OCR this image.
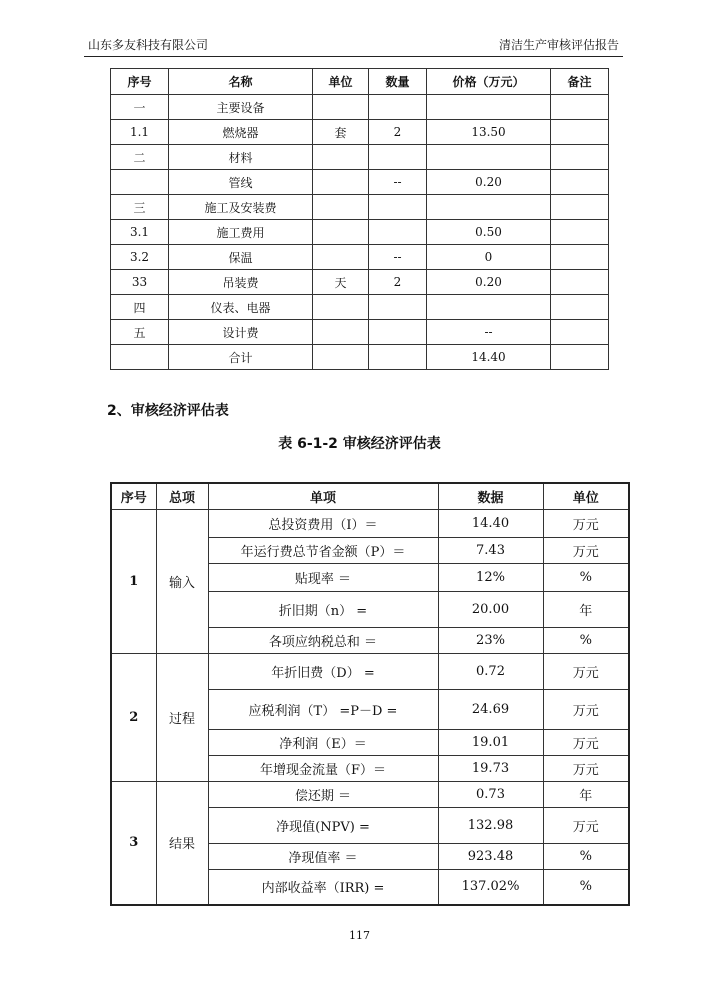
山东多友科技有限公司	清洁生产审核评估报告
序号	名称	单位	数量	价格（万元）	备注
一	主要设备				
1.1	燃烧器	套	2	13.50	
二	材料				
	管线		--	0.20	
三	施工及安装费				
3.1	施工费用			0.50	
3.2	保温		--	0	
33	吊装费	天	2	0.20	
四	仪表、电器				
五	设计费			--	
	合计			14.40	
2、审核经济评估表
表 6-1-2 审核经济评估表
序号	总项	单项	数据	单位
1	输入	总投资费用（I）＝	14.40	万元
		年运行费总节省金额（P）＝	7.43	万元
		贴现率 ＝	12%	%
		折旧期（n） =	20.00	年
		各项应纳税总和 ＝	23%	%
2	过程	年折旧费（D） =	0.72	万元
		应税利润（T） =P－D =	24.69	万元
		净利润（E）＝	19.01	万元
		年增现金流量（F）＝	19.73	万元
3	结果	偿还期 ＝	0.73	年
		净现值(NPV) =	132.98	万元
		净现值率 ＝	923.48	%
		内部收益率（IRR) =	137.02%	%
117
